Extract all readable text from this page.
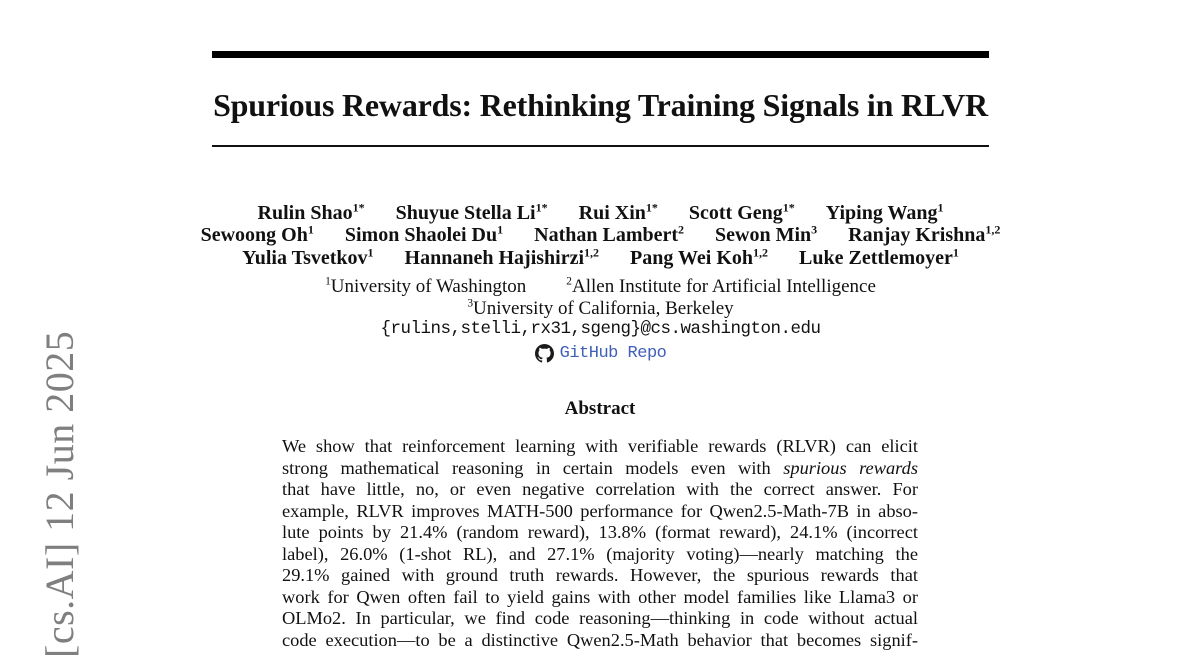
[cs.AI] 12 Jun 2025
Spurious Rewards: Rethinking Training Signals in RLVR
Rulin Shao$^{1*}$ Shuyue Stella $Li^{1*}$ Rui Xin$^{1*}$ Scott Geng$^{1*}$ Yiping Wang$^1$
Sewoong Oh$^1$ Simon Shaolei Du$^1$ Nathan Lambert$^2$ Sewon Min$^3$ Ranjay Krishna$^{1,2}$
Yulia Tsvetkov$^1$ Hannaneh Hajishirzi$^{1,2}$ Pang Wei Koh$^{1,2}$ Luke Zettlemoyer$^1$
$^1$University of Washington	$^2$Allen Institute for Artificial Intelligence
$^3$University of California, Berkeley
{rulins,stelli,rx31,sgeng}@cs.washington.edu
GitHub Repo
Abstract
We show that reinforcement learning with verifiable rewards (RLVR) can elicit
strong mathematical reasoning in certain models even with spurious rewards
that have little, no, or even negative correlation with the correct answer. For
example, RLVR improves MATH-500 performance for Qwen2.5-Math-7B in abso-
lute points by 21.4% (random reward), 13.8% (format reward), 24.1% (incorrect
label), 26.0% (1-shot RL), and 27.1% (majority voting)—nearly matching the
29.1% gained with ground truth rewards. However, the spurious rewards that
work for Qwen often fail to yield gains with other model families like Llama3 or
OLMo2. In particular, we find code reasoning—thinking in code without actual
code execution—to be a distinctive Qwen2.5-Math behavior that becomes signif-
